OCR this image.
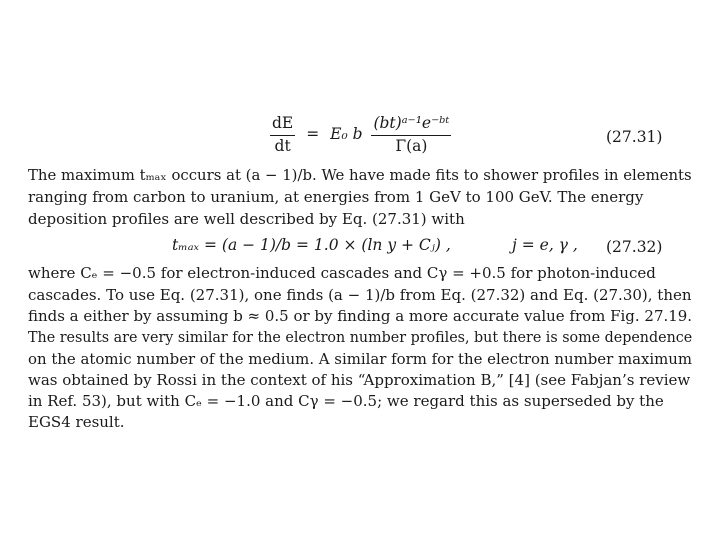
$\frac{dE}{dt} = E_0$ b $\frac{\text{(bt)ᵃ⁻¹e⁻ᵇᵗ}}{\Gamma(a)}$	(27.31)
The maximum tₘₐₓ occurs at (a − 1)/b. We have made fits to shower profiles in elements
ranging from carbon to uranium, at energies from 1 GeV to 100 GeV. The energy
deposition profiles are well described by Eq. (27.31) with
tₘₐₓ = (a − 1)/b = 1.0 × (ln y + Cⱼ) ,	j = e, γ , (27.32)
where Cₑ = −0.5 for electron-induced cascades and Cγ = +0.5 for photon-induced
cascades. To use Eq. (27.31), one finds (a − 1)/b from Eq. (27.32) and Eq. (27.30), then
finds a either by assuming b ≈ 0.5 or by finding a more accurate value from Fig. 27.19.
The results are very similar for the electron number profiles, but there is some dependence
on the atomic number of the medium. A similar form for the electron number maximum
was obtained by Rossi in the context of his “Approximation B,” [4] (see Fabjan’s review
in Ref. 53), but with Cₑ = −1.0 and Cγ = −0.5; we regard this as superseded by the
EGS4 result.
